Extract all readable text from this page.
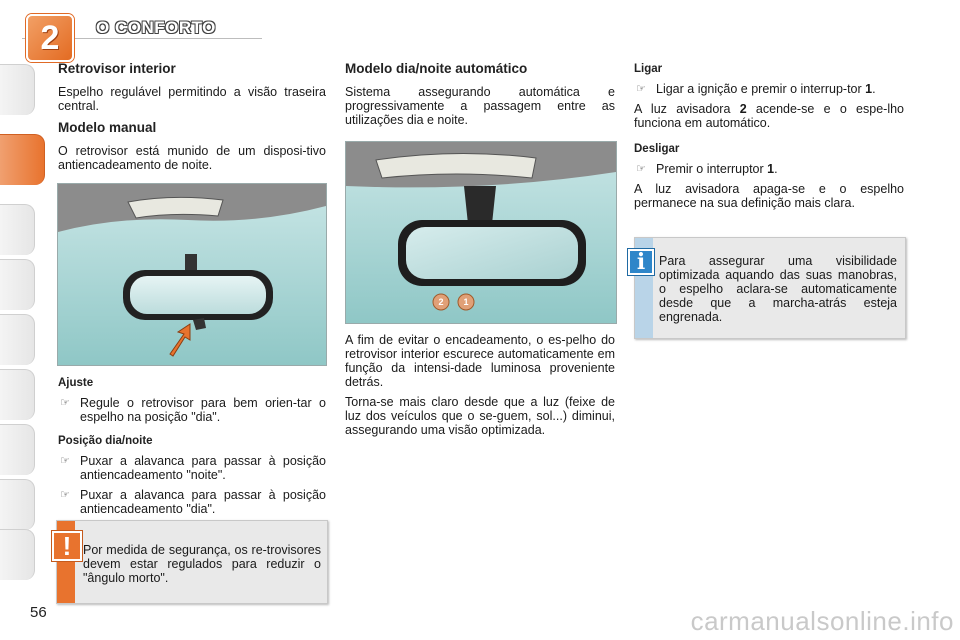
2	O CONFORTO
Retrovisor interior

Espelho regulável permitindo a visão traseira central.

Modelo manual

O retrovisor está munido de um disposi-tivo antiencadeamento de noite.

Ajuste
☞ Regule o retrovisor para bem orien-tar o espelho na posição "dia".
Posição dia/noite
☞ Puxar a alavanca para passar à posição antiencadeamento "noite".
☞ Puxar a alavanca para passar à posição antiencadeamento "dia".
Por medida de segurança, os re-trovisores devem estar regulados para reduzir o "ângulo morto".
!
Modelo dia/noite automático

Sistema assegurando automática e progressivamente a passagem entre as utilizações dia e noite.

2 1

A fim de evitar o encadeamento, o es-pelho do retrovisor interior escurece automaticamente em função da intensi-dade luminosa proveniente detrás.

Torna-se mais claro desde que a luz (feixe de luz dos veículos que o se-guem, sol...) diminui, assegurando uma visão optimizada.

Ligar
☞ Ligar a ignição e premir o interrup-tor 1.

A luz avisadora 2 acende-se e o espe-lho funciona em automático.

Desligar
☞ Premir o interruptor 1.

A luz avisadora apaga-se e o espelho permanece na sua definição mais clara.

Para assegurar uma visibilidade optimizada aquando das suas manobras, o espelho aclara-se automaticamente desde que a marcha-atrás esteja engrenada.
i
56	carmanualsonline.info
